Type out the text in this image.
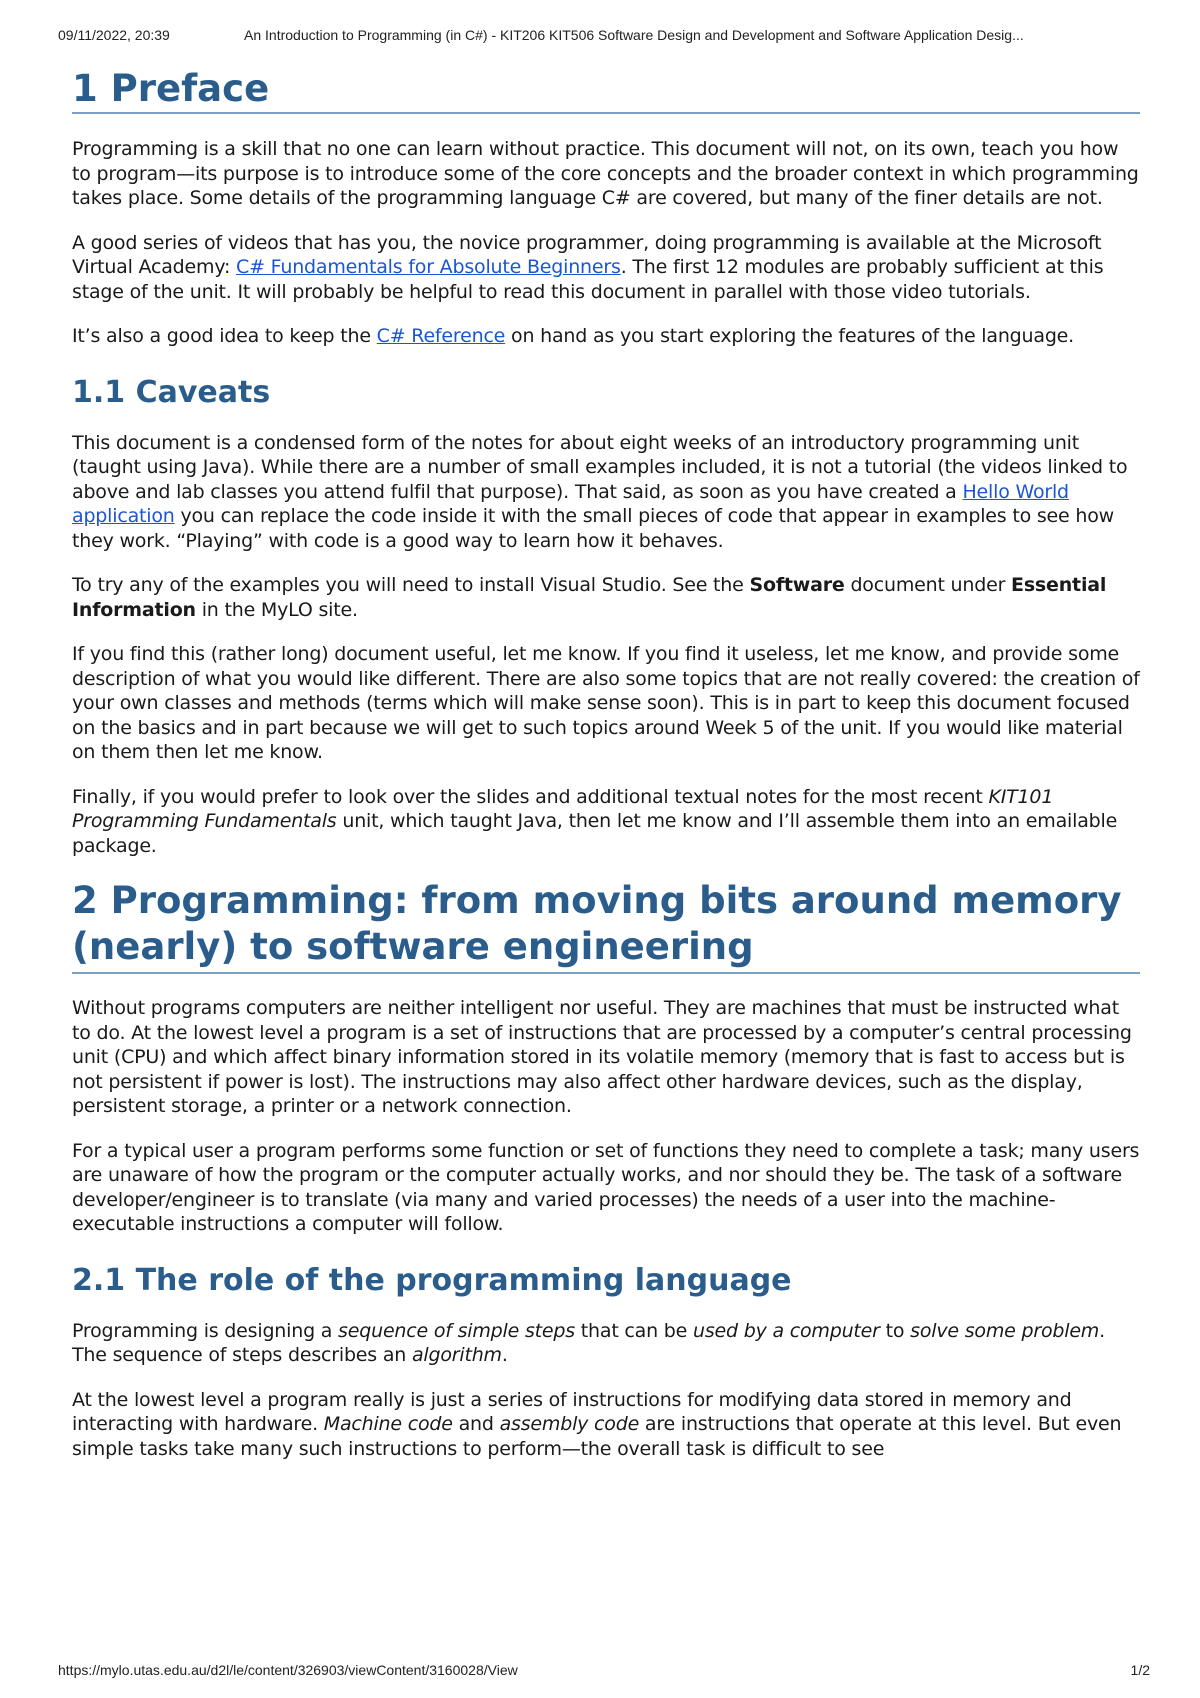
09/11/2022, 20:39	An Introduction to Programming (in C#) - KIT206 KIT506 Software Design and Development and Software Application Desig...
1 Preface

Programming is a skill that no one can learn without practice. This document will not, on its own, teach you how to program—its purpose is to introduce some of the core concepts and the broader context in which programming takes place. Some details of the programming language C# are covered, but many of the finer details are not.

A good series of videos that has you, the novice programmer, doing programming is available at the Microsoft Virtual Academy: C# Fundamentals for Absolute Beginners. The first 12 modules are probably sufficient at this stage of the unit. It will probably be helpful to read this document in parallel with those video tutorials.

It’s also a good idea to keep the C# Reference on hand as you start exploring the features of the language.

1.1 Caveats

This document is a condensed form of the notes for about eight weeks of an introductory programming unit (taught using Java). While there are a number of small examples included, it is not a tutorial (the videos linked to above and lab classes you attend fulfil that purpose). That said, as soon as you have created a Hello World application you can replace the code inside it with the small pieces of code that appear in examples to see how they work. “Playing” with code is a good way to learn how it behaves.

To try any of the examples you will need to install Visual Studio. See the Software document under Essential Information in the MyLO site.

If you find this (rather long) document useful, let me know. If you find it useless, let me know, and provide some description of what you would like different. There are also some topics that are not really covered: the creation of your own classes and methods (terms which will make sense soon). This is in part to keep this document focused on the basics and in part because we will get to such topics around Week 5 of the unit. If you would like material on them then let me know.

Finally, if you would prefer to look over the slides and additional textual notes for the most recent KIT101 Programming Fundamentals unit, which taught Java, then let me know and I’ll assemble them into an emailable package.

2 Programming: from moving bits around memory (nearly) to software engineering

Without programs computers are neither intelligent nor useful. They are machines that must be instructed what to do. At the lowest level a program is a set of instructions that are processed by a computer’s central processing unit (CPU) and which affect binary information stored in its volatile memory (memory that is fast to access but is not persistent if power is lost). The instructions may also affect other hardware devices, such as the display, persistent storage, a printer or a network connection.

For a typical user a program performs some function or set of functions they need to complete a task; many users are unaware of how the program or the computer actually works, and nor should they be. The task of a software developer/engineer is to translate (via many and varied processes) the needs of a user into the machine-executable instructions a computer will follow.

2.1 The role of the programming language

Programming is designing a sequence of simple steps that can be used by a computer to solve some problem. The sequence of steps describes an algorithm.

At the lowest level a program really is just a series of instructions for modifying data stored in memory and interacting with hardware. Machine code and assembly code are instructions that operate at this level. But even simple tasks take many such instructions to perform—the overall task is difficult to see

https://mylo.utas.edu.au/d2l/le/content/326903/viewContent/3160028/View	1/2
